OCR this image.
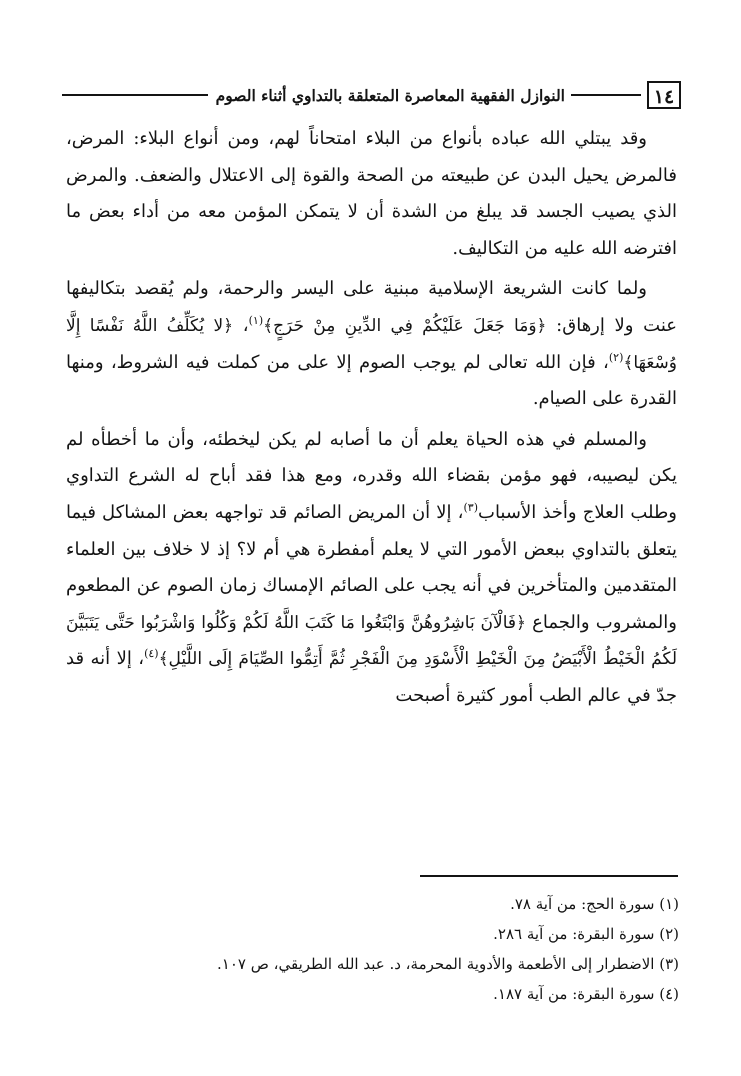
١٤
النوازل الفقهية المعاصرة المتعلقة بالتداوي أثناء الصوم

وقد يبتلي الله عباده بأنواع من البلاء امتحاناً لهم، ومن أنواع البلاء: المرض، فالمرض يحيل البدن عن طبيعته من الصحة والقوة إلى الاعتلال والضعف. والمرض الذي يصيب الجسد قد يبلغ من الشدة أن لا يتمكن المؤمن معه من أداء بعض ما افترضه الله عليه من التكاليف.

ولما كانت الشريعة الإسلامية مبنية على اليسر والرحمة، ولم يُقصد بتكاليفها عنت ولا إرهاق: ﴿وَمَا جَعَلَ عَلَيْكُمْ فِي الدِّينِ مِنْ حَرَجٍ﴾$^{(١)}$، ﴿لا يُكَلِّفُ اللَّهُ نَفْسًا إِلَّا وُسْعَهَا﴾$^{(٢)}$، فإن الله تعالى لم يوجب الصوم إلا على من كملت فيه الشروط، ومنها القدرة على الصيام.

والمسلم في هذه الحياة يعلم أن ما أصابه لم يكن ليخطئه، وأن ما أخطأه لم يكن ليصيبه، فهو مؤمن بقضاء الله وقدره، ومع هذا فقد أباح له الشرع التداوي وطلب العلاج وأخذ الأسباب$^{(٣)}$، إلا أن المريض الصائم قد تواجهه بعض المشاكل فيما يتعلق بالتداوي ببعض الأمور التي لا يعلم أمفطرة هي أم لا؟ إذ لا خلاف بين العلماء المتقدمين والمتأخرين في أنه يجب على الصائم الإمساك زمان الصوم عن المطعوم والمشروب والجماع ﴿فَالْآنَ بَاشِرُوهُنَّ وَابْتَغُوا مَا كَتَبَ اللَّهُ لَكُمْ وَكُلُوا وَاشْرَبُوا حَتَّى يَتَبَيَّنَ لَكُمُ الْخَيْطُ الْأَبْيَضُ مِنَ الْخَيْطِ الْأَسْوَدِ مِنَ الْفَجْرِ ثُمَّ أَتِمُّوا الصِّيَامَ إِلَى اللَّيْلِ﴾$^{(٤)}$، إلا أنه قد جدّ في عالم الطب أمور كثيرة أصبحت

(١) سورة الحج: من آية ٧٨.
(٢) سورة البقرة: من آية ٢٨٦.
(٣) الاضطرار إلى الأطعمة والأدوية المحرمة، د. عبد الله الطريقي، ص ١٠٧.
(٤) سورة البقرة: من آية ١٨٧.
